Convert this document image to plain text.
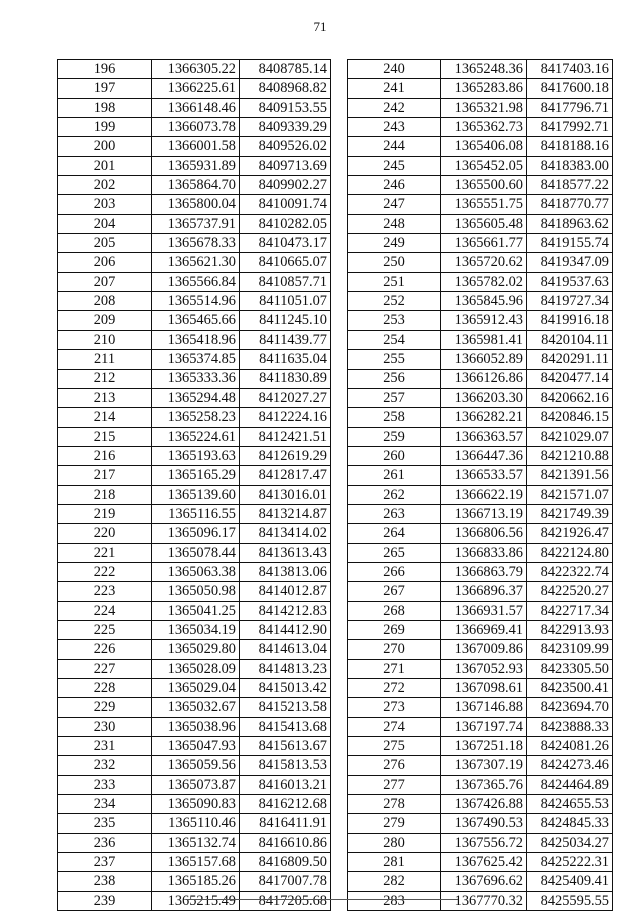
71
196	1366305.22	8408785.14
197	1366225.61	8408968.82
198	1366148.46	8409153.55
199	1366073.78	8409339.29
200	1366001.58	8409526.02
201	1365931.89	8409713.69
202	1365864.70	8409902.27
203	1365800.04	8410091.74
204	1365737.91	8410282.05
205	1365678.33	8410473.17
206	1365621.30	8410665.07
207	1365566.84	8410857.71
208	1365514.96	8411051.07
209	1365465.66	8411245.10
210	1365418.96	8411439.77
211	1365374.85	8411635.04
212	1365333.36	8411830.89
213	1365294.48	8412027.27
214	1365258.23	8412224.16
215	1365224.61	8412421.51
216	1365193.63	8412619.29
217	1365165.29	8412817.47
218	1365139.60	8413016.01
219	1365116.55	8413214.87
220	1365096.17	8413414.02
221	1365078.44	8413613.43
222	1365063.38	8413813.06
223	1365050.98	8414012.87
224	1365041.25	8414212.83
225	1365034.19	8414412.90
226	1365029.80	8414613.04
227	1365028.09	8414813.23
228	1365029.04	8415013.42
229	1365032.67	8415213.58
230	1365038.96	8415413.68
231	1365047.93	8415613.67
232	1365059.56	8415813.53
233	1365073.87	8416013.21
234	1365090.83	8416212.68
235	1365110.46	8416411.91
236	1365132.74	8416610.86
237	1365157.68	8416809.50
238	1365185.26	8417007.78
239	1365215.49	8417205.68
240	1365248.36	8417403.16
241	1365283.86	8417600.18
242	1365321.98	8417796.71
243	1365362.73	8417992.71
244	1365406.08	8418188.16
245	1365452.05	8418383.00
246	1365500.60	8418577.22
247	1365551.75	8418770.77
248	1365605.48	8418963.62
249	1365661.77	8419155.74
250	1365720.62	8419347.09
251	1365782.02	8419537.63
252	1365845.96	8419727.34
253	1365912.43	8419916.18
254	1365981.41	8420104.11
255	1366052.89	8420291.11
256	1366126.86	8420477.14
257	1366203.30	8420662.16
258	1366282.21	8420846.15
259	1366363.57	8421029.07
260	1366447.36	8421210.88
261	1366533.57	8421391.56
262	1366622.19	8421571.07
263	1366713.19	8421749.39
264	1366806.56	8421926.47
265	1366833.86	8422124.80
266	1366863.79	8422322.74
267	1366896.37	8422520.27
268	1366931.57	8422717.34
269	1366969.41	8422913.93
270	1367009.86	8423109.99
271	1367052.93	8423305.50
272	1367098.61	8423500.41
273	1367146.88	8423694.70
274	1367197.74	8423888.33
275	1367251.18	8424081.26
276	1367307.19	8424273.46
277	1367365.76	8424464.89
278	1367426.88	8424655.53
279	1367490.53	8424845.33
280	1367556.72	8425034.27
281	1367625.42	8425222.31
282	1367696.62	8425409.41
283	1367770.32	8425595.55
